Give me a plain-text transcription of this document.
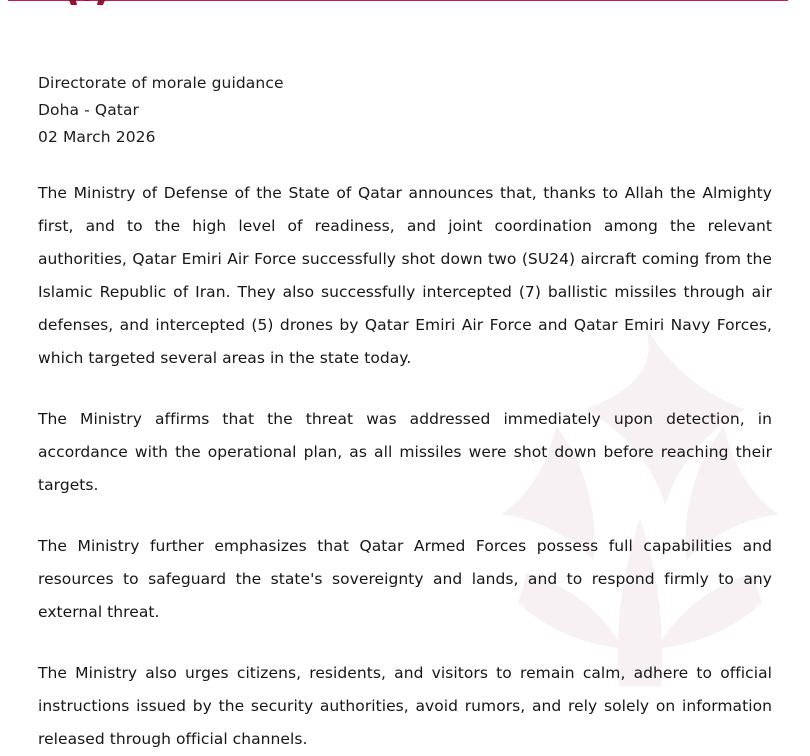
Directorate of morale guidance
Doha - Qatar
02 March 2026

The Ministry of Defense of the State of Qatar announces that, thanks to Allah the Almighty first, and to the high level of readiness, and joint coordination among the relevant authorities, Qatar Emiri Air Force successfully shot down two (SU24) aircraft coming from the Islamic Republic of Iran. They also successfully intercepted (7) ballistic missiles through air defenses, and intercepted (5) drones by Qatar Emiri Air Force and Qatar Emiri Navy Forces, which targeted several areas in the state today.

The Ministry affirms that the threat was addressed immediately upon detection, in accordance with the operational plan, as all missiles were shot down before reaching their targets.

The Ministry further emphasizes that Qatar Armed Forces possess full capabilities and resources to safeguard the state's sovereignty and lands, and to respond firmly to any external threat.

The Ministry also urges citizens, residents, and visitors to remain calm, adhere to official instructions issued by the security authorities, avoid rumors, and rely solely on information released through official channels.
